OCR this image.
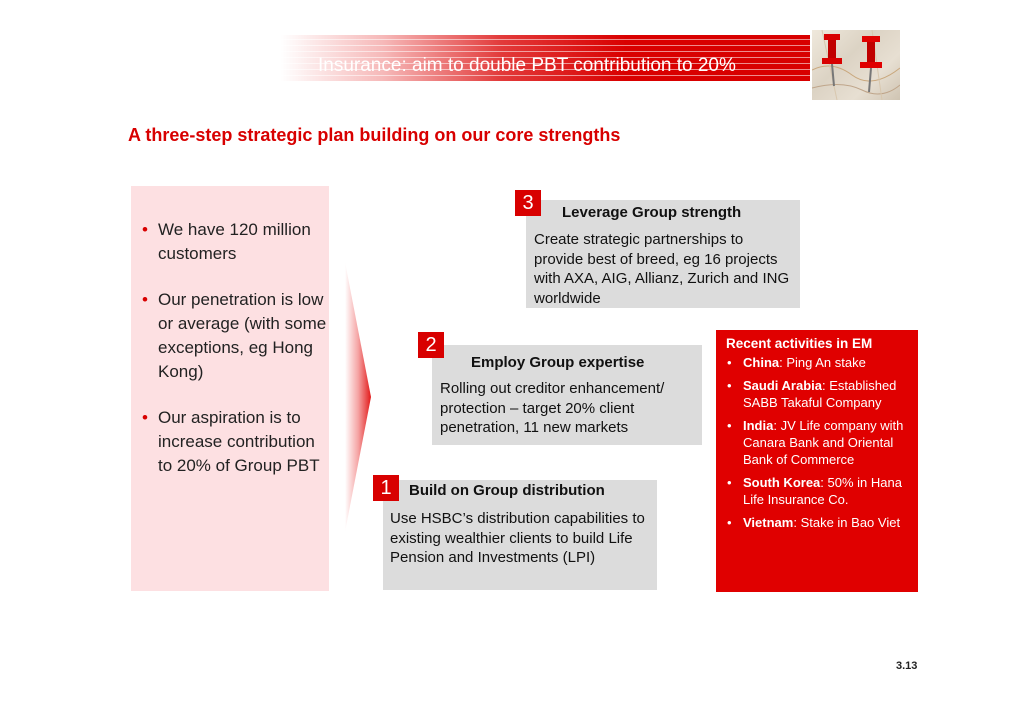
Insurance: aim to double PBT contribution to 20%
A three-step strategic plan building on our core strengths
• We have 120 million customers
• Our penetration is low or average (with some exceptions, eg Hong Kong)
• Our aspiration is to increase contribution to 20% of Group PBT
3	Leverage Group strength
Create strategic partnerships to provide best of breed, eg 16 projects with AXA, AIG, Allianz, Zurich and ING worldwide
2
Employ Group expertise
Rolling out creditor enhancement/ protection – target 20% client penetration, 11 new markets
1	Build on Group distribution
Use HSBC’s distribution capabilities to existing wealthier clients to build Life Pension and Investments (LPI)
Recent activities in EM
• China: Ping An stake
• Saudi Arabia: Established SABB Takaful Company
• India: JV Life company with Canara Bank and Oriental Bank of Commerce
• South Korea: 50% in Hana Life Insurance Co.
• Vietnam: Stake in Bao Viet
3.13
